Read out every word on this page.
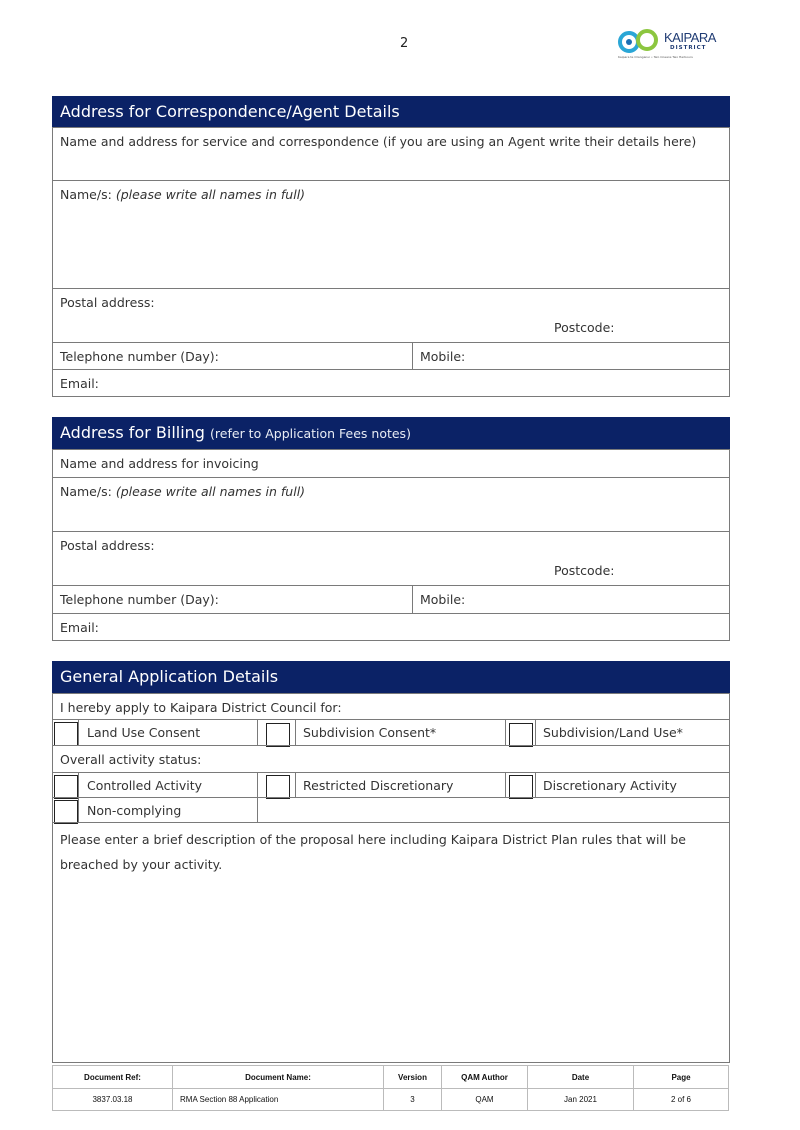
2	KAIPARA
DISTRICT
Kaipara te Oranganui • Two Oceans Two Harbours
Address for Correspondence/Agent Details
Name and address for service and correspondence (if you are using an Agent write their details here)
Name/s: (please write all names in full)
Postal address:
Postcode:
Telephone number (Day):	Mobile:
Email:
Address for Billing (refer to Application Fees notes)
Name and address for invoicing
Name/s: (please write all names in full)
Postal address:
Postcode:
Telephone number (Day):	Mobile:
Email:
General Application Details
I hereby apply to Kaipara District Council for:
Land Use Consent	Subdivision Consent*	Subdivision/Land Use*
Overall activity status:
Controlled Activity	Restricted Discretionary	Discretionary Activity
Non-complying
Please enter a brief description of the proposal here including Kaipara District Plan rules that will be breached by your activity.
Document Ref:	Document Name:	Version	QAM Author	Date	Page
3837.03.18	RMA Section 88 Application	3	QAM	Jan 2021	2 of 6
